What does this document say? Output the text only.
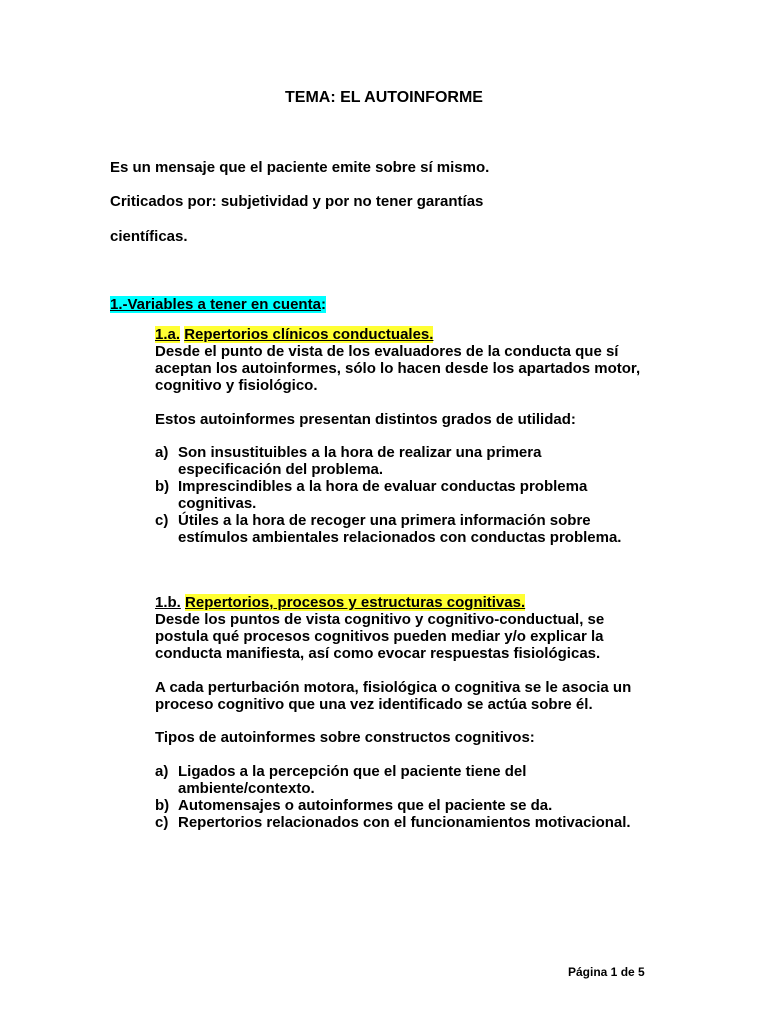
TEMA: EL AUTOINFORME
Es un mensaje que el paciente emite sobre sí mismo.
Criticados por: subjetividad y por no tener garantías
científicas.
1.-Variables a tener en cuenta:
1.a. Repertorios clínicos conductuales.
Desde el punto de vista de los evaluadores de la conducta que sí
aceptan los autoinformes, sólo lo hacen desde los apartados motor,
cognitivo y fisiológico.
Estos autoinformes presentan distintos grados de utilidad:
a) Son insustituibles a la hora de realizar una primera
especificación del problema.
b) Imprescindibles a la hora de evaluar conductas problema
cognitivas.
c) Útiles a la hora de recoger una primera información sobre
estímulos ambientales relacionados con conductas problema.
1.b. Repertorios, procesos y estructuras cognitivas.
Desde los puntos de vista cognitivo y cognitivo-conductual, se
postula qué procesos cognitivos pueden mediar y/o explicar la
conducta manifiesta, así como evocar respuestas fisiológicas.
A cada perturbación motora, fisiológica o cognitiva se le asocia un
proceso cognitivo que una vez identificado se actúa sobre él.
Tipos de autoinformes sobre constructos cognitivos:
a) Ligados a la percepción que el paciente tiene del
ambiente/contexto.
b) Automensajes o autoinformes que el paciente se da.
c) Repertorios relacionados con el funcionamientos motivacional.
Página 1 de 5
